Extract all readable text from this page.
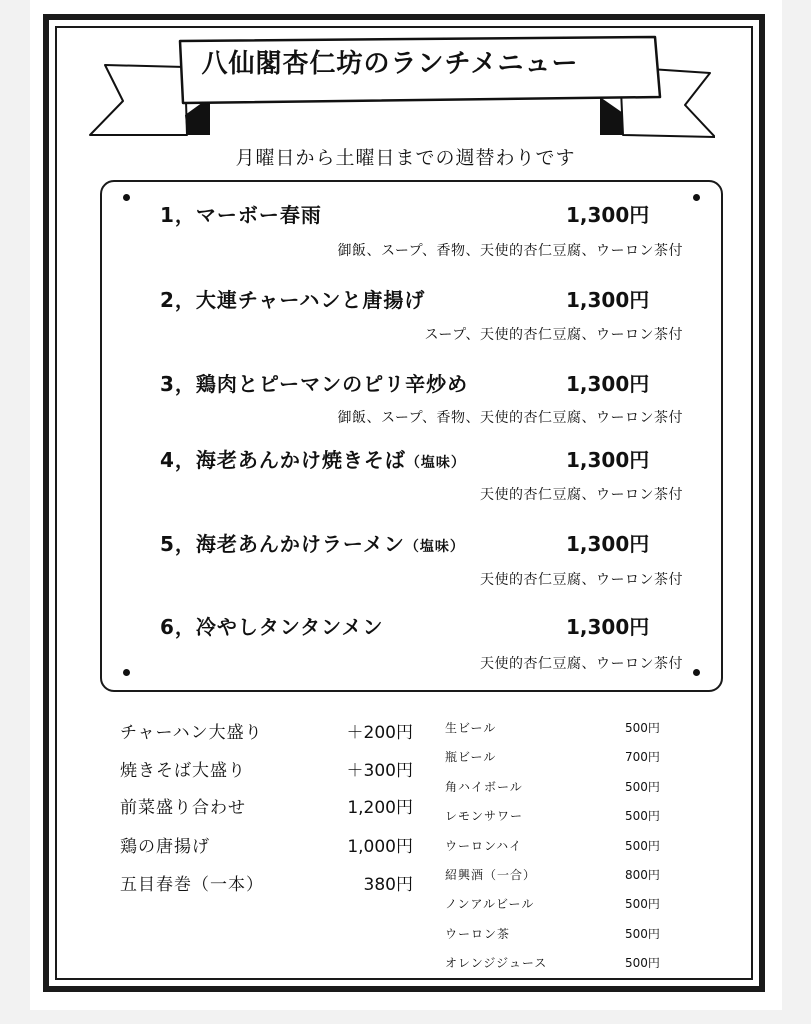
八仙閣杏仁坊のランチメニュー
月曜日から土曜日までの週替わりです
1，マーボー春雨	1,300円
御飯、スープ、香物、天使的杏仁豆腐、ウーロン茶付
2，大連チャーハンと唐揚げ	1,300円
スープ、天使的杏仁豆腐、ウーロン茶付
3，鶏肉とピーマンのピリ辛炒め	1,300円
御飯、スープ、香物、天使的杏仁豆腐、ウーロン茶付
4，海老あんかけ焼きそば（塩味）	1,300円
天使的杏仁豆腐、ウーロン茶付
5，海老あんかけラーメン（塩味）	1,300円
天使的杏仁豆腐、ウーロン茶付
6，冷やしタンタンメン	1,300円
天使的杏仁豆腐、ウーロン茶付
チャーハン大盛り	＋200円
焼きそば大盛り	＋300円
前菜盛り合わせ	1,200円
鶏の唐揚げ	1,000円
五目春巻（一本）	380円
生ビール	500円
瓶ビール	700円
角ハイボール	500円
レモンサワー	500円
ウーロンハイ	500円
紹興酒（一合）	800円
ノンアルビール	500円
ウーロン茶	500円
オレンジジュース	500円
